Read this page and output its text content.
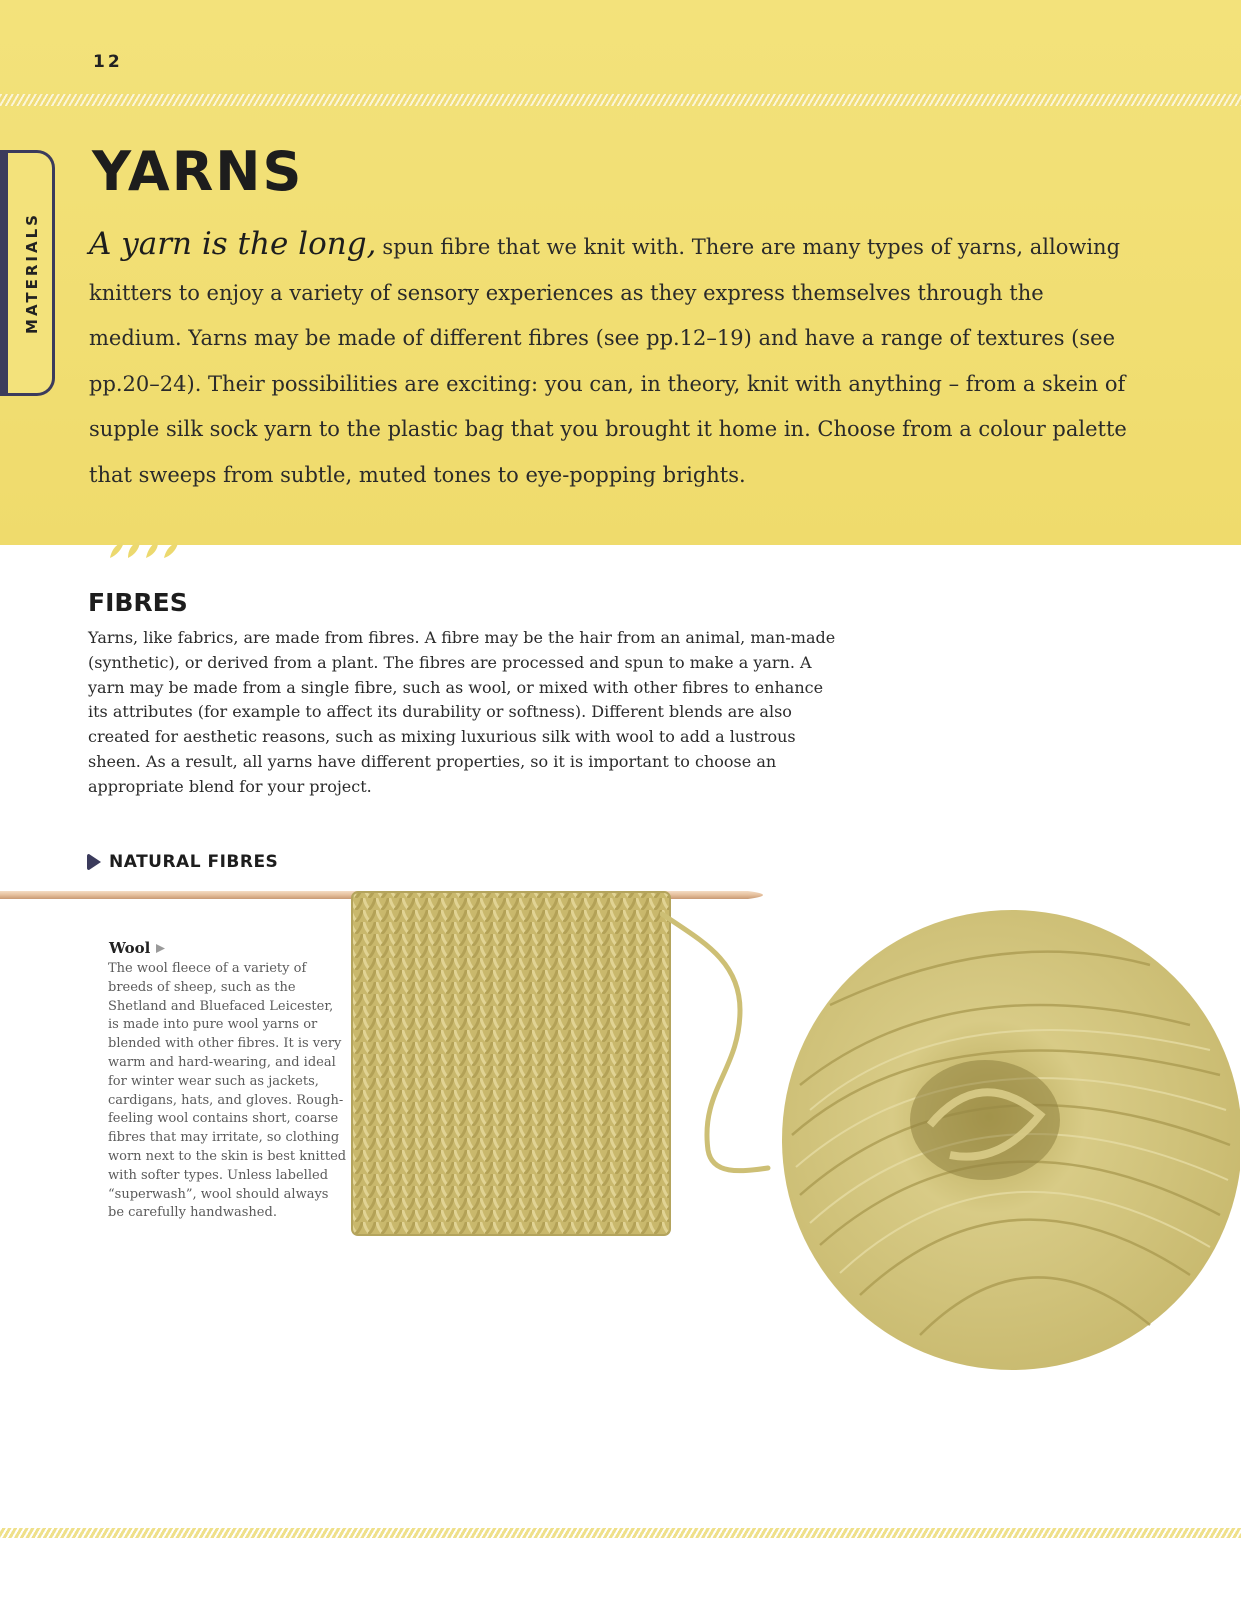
12
MATERIALS
YARNS
A yarn is the long, spun fibre that we knit with. There are many types of yarns, allowing knitters to enjoy a variety of sensory experiences as they express themselves through the medium. Yarns may be made of different fibres (see pp.12–19) and have a range of textures (see pp.20–24). Their possibilities are exciting: you can, in theory, knit with anything – from a skein of supple silk sock yarn to the plastic bag that you brought it home in. Choose from a colour palette that sweeps from subtle, muted tones to eye-popping brights.
FIBRES
Yarns, like fabrics, are made from fibres. A fibre may be the hair from an animal, man-made (synthetic), or derived from a plant. The fibres are processed and spun to make a yarn. A yarn may be made from a single fibre, such as wool, or mixed with other fibres to enhance its attributes (for example to affect its durability or softness). Different blends are also created for aesthetic reasons, such as mixing luxurious silk with wool to add a lustrous sheen. As a result, all yarns have different properties, so it is important to choose an appropriate blend for your project.
NATURAL FIBRES
Wool
The wool fleece of a variety of breeds of sheep, such as the Shetland and Bluefaced Leicester, is made into pure wool yarns or blended with other fibres. It is very warm and hard-wearing, and ideal for winter wear such as jackets, cardigans, hats, and gloves. Rough-feeling wool contains short, coarse fibres that may irritate, so clothing worn next to the skin is best knitted with softer types. Unless labelled “superwash”, wool should always be carefully handwashed.
